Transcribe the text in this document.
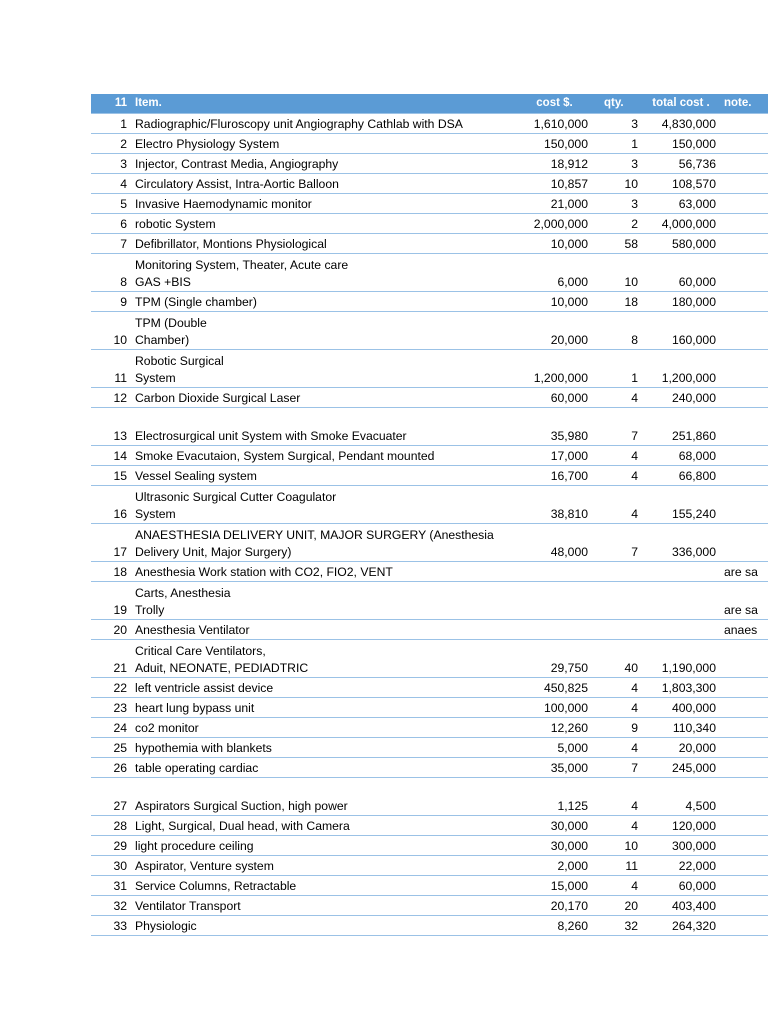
11	Item.	cost $.	qty.	total cost .	note.
1	Radiographic/Fluroscopy unit Angiography Cathlab with DSA	1,610,000	3	4,830,000	
2	Electro Physiology System	150,000	1	150,000	
3	Injector, Contrast Media, Angiography	18,912	3	56,736	
4	Circulatory Assist, Intra-Aortic Balloon	10,857	10	108,570	
5	Invasive Haemodynamic monitor	21,000	3	63,000	
6	robotic System	2,000,000	2	4,000,000	
7	Defibrillator, Montions Physiological	10,000	58	580,000	
8	Monitoring System, Theater, Acute care
GAS +BIS	6,000	10	60,000	
9	TPM (Single chamber)	10,000	18	180,000	
10	TPM (Double
Chamber)	20,000	8	160,000	
11	Robotic Surgical
System	1,200,000	1	1,200,000	
12	Carbon Dioxide Surgical Laser	60,000	4	240,000	
13	Electrosurgical unit System with Smoke Evacuater	35,980	7	251,860	
14	Smoke Evacutaion, System Surgical, Pendant mounted	17,000	4	68,000	
15	Vessel Sealing system	16,700	4	66,800	
16	Ultrasonic Surgical Cutter Coagulator
System	38,810	4	155,240	
17	ANAESTHESIA DELIVERY UNIT, MAJOR SURGERY (Anesthesia
Delivery Unit, Major Surgery)	48,000	7	336,000	
18	Anesthesia Work station with CO2, FIO2, VENT				are sa
19	Carts, Anesthesia
Trolly				are sa
20	Anesthesia Ventilator				anaes
21	Critical Care Ventilators,
Aduit, NEONATE, PEDIADTRIC	29,750	40	1,190,000	
22	left ventricle assist device	450,825	4	1,803,300	
23	heart lung bypass unit	100,000	4	400,000	
24	co2 monitor	12,260	9	110,340	
25	hypothemia with blankets	5,000	4	20,000	
26	table operating cardiac	35,000	7	245,000	
27	Aspirators Surgical Suction, high power	1,125	4	4,500	
28	Light, Surgical, Dual head, with Camera	30,000	4	120,000	
29	light procedure ceiling	30,000	10	300,000	
30	Aspirator, Venture system	2,000	11	22,000	
31	Service Columns, Retractable	15,000	4	60,000	
32	Ventilator Transport	20,170	20	403,400	
33	Physiologic	8,260	32	264,320	
